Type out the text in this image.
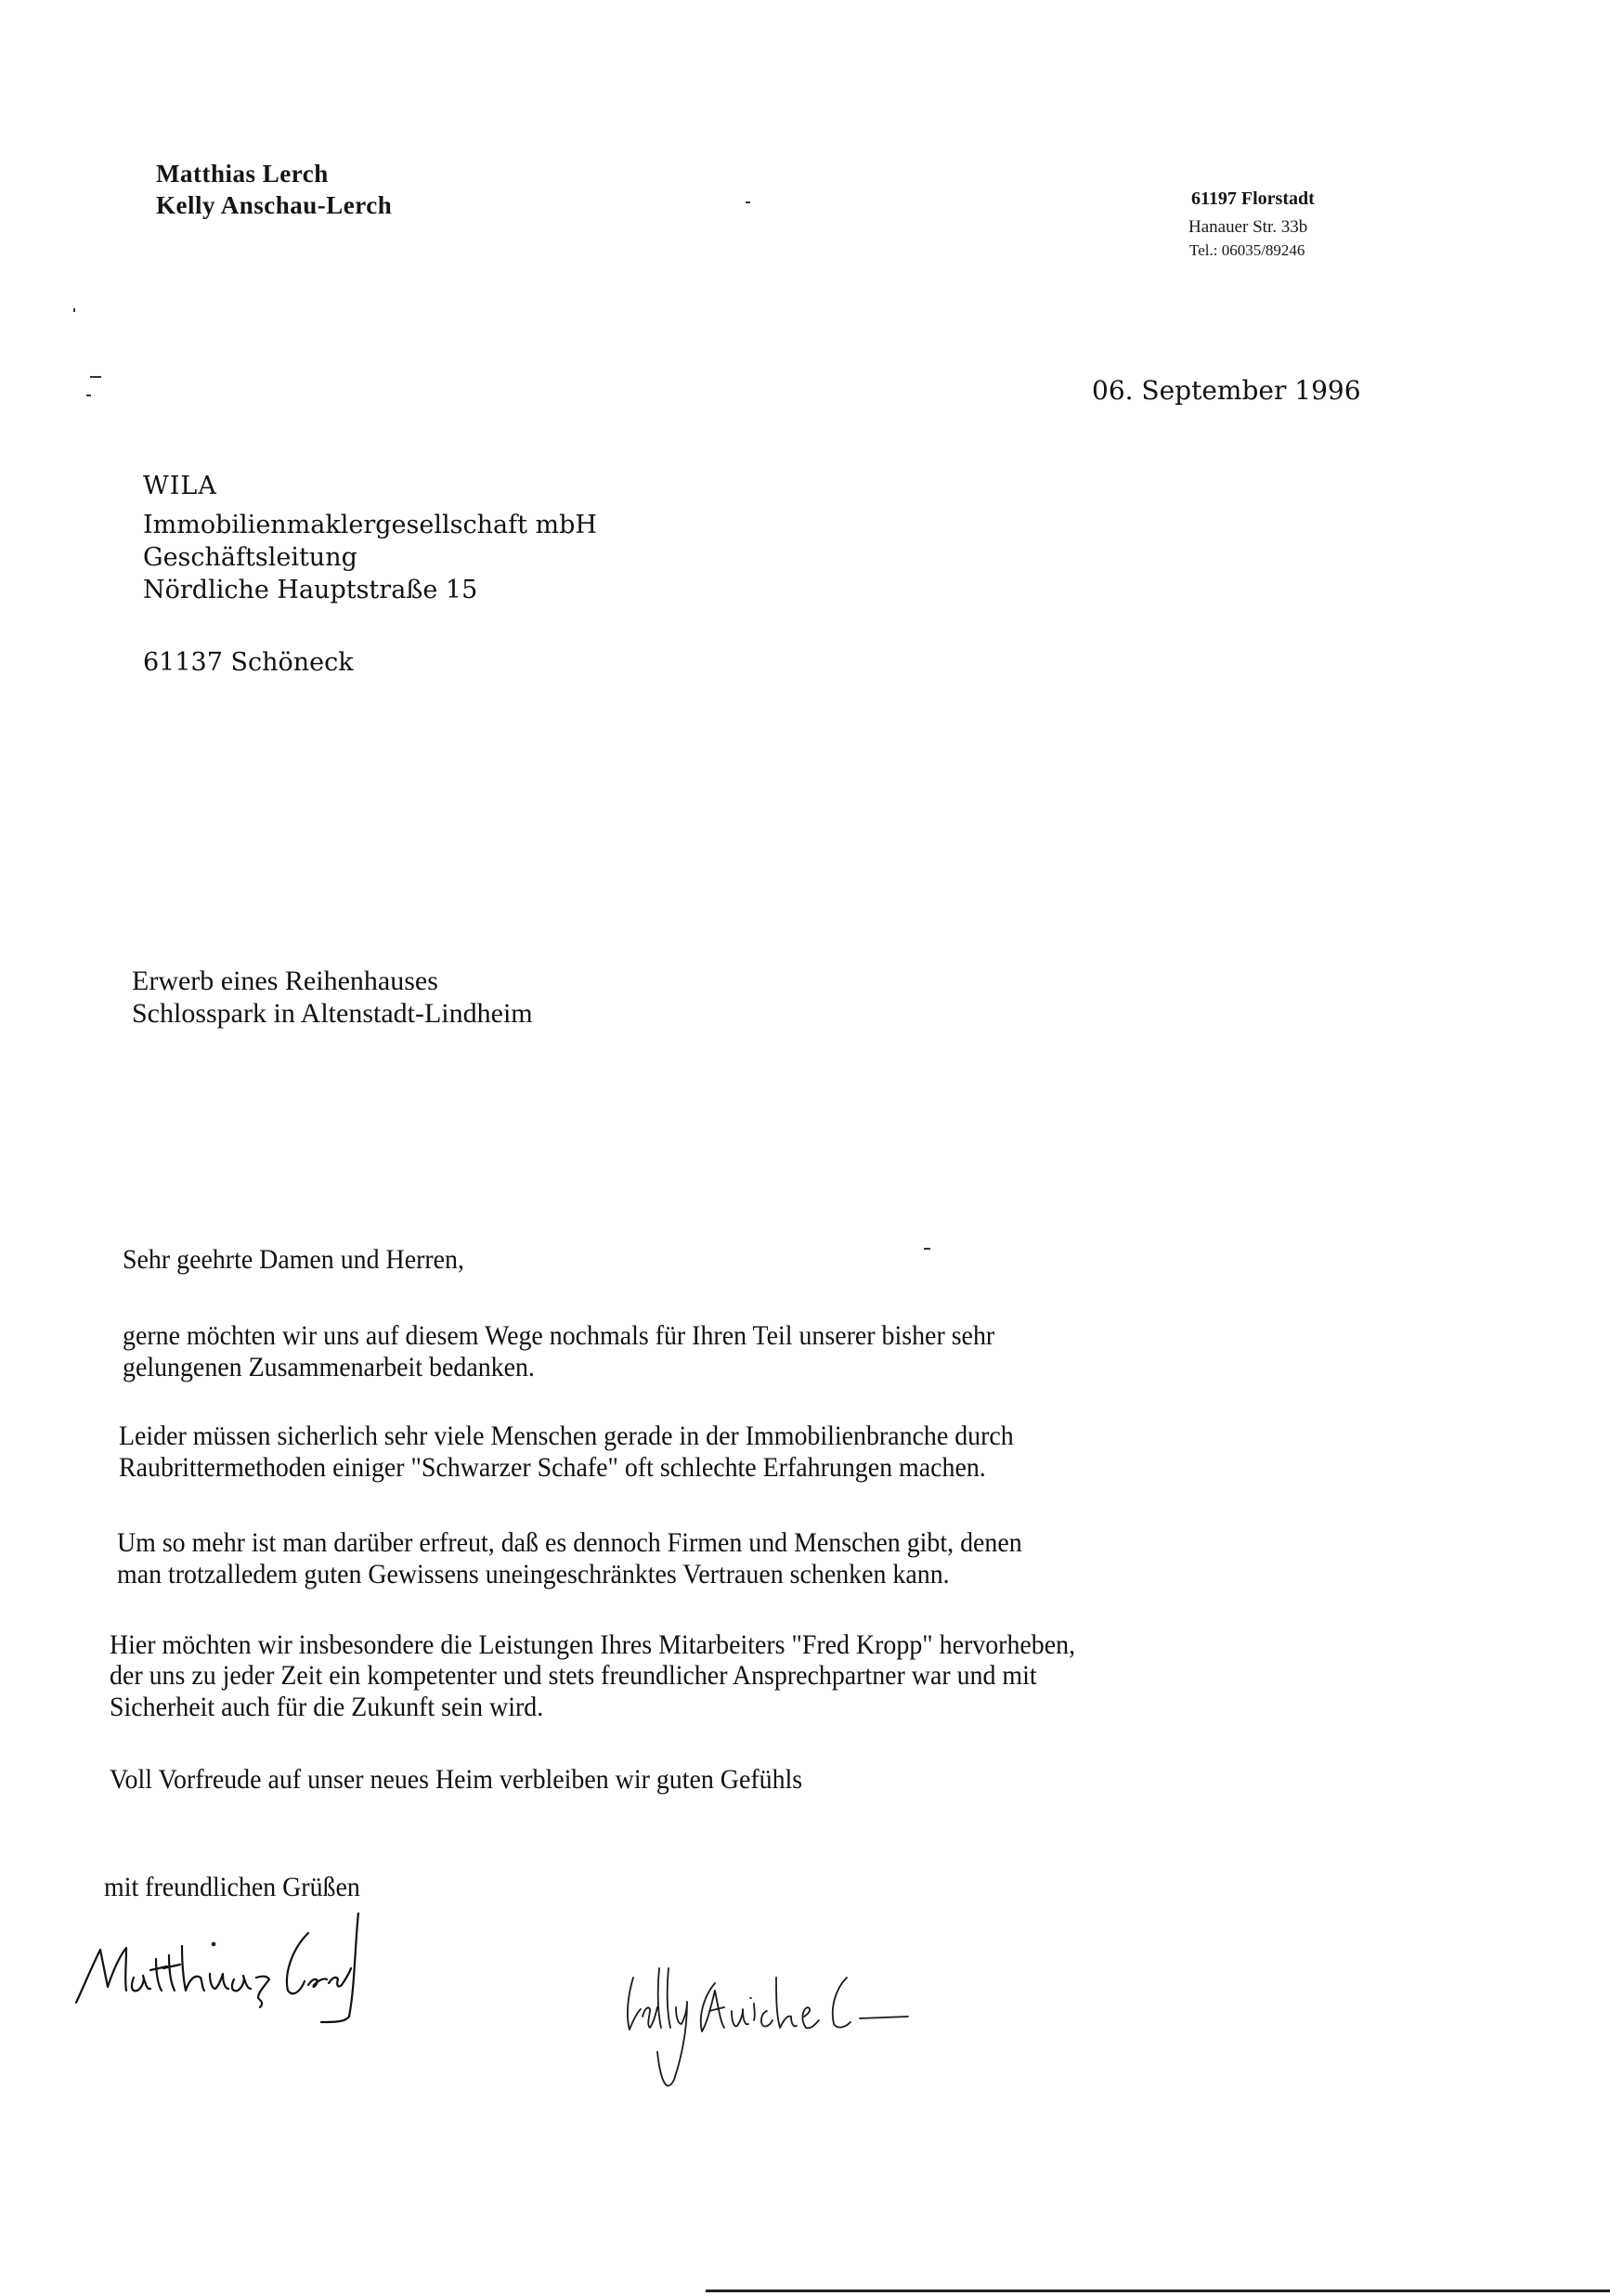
Matthias Lerch
Kelly Anschau-Lerch	61197 Florstadt
Hanauer Str. 33b
Tel.: 06035/89246
06. September 1996
WILA
Immobilienmaklergesellschaft mbH
Geschäftsleitung
Nördliche Hauptstraße 15
61137 Schöneck
Erwerb eines Reihenhauses
Schlosspark in Altenstadt-Lindheim
Sehr geehrte Damen und Herren,
gerne möchten wir uns auf diesem Wege nochmals für Ihren Teil unserer bisher sehr
gelungenen Zusammenarbeit bedanken.
Leider müssen sicherlich sehr viele Menschen gerade in der Immobilienbranche durch
Raubrittermethoden einiger "Schwarzer Schafe" oft schlechte Erfahrungen machen.
Um so mehr ist man darüber erfreut, daß es dennoch Firmen und Menschen gibt, denen
man trotzalledem guten Gewissens uneingeschränktes Vertrauen schenken kann.
Hier möchten wir insbesondere die Leistungen Ihres Mitarbeiters "Fred Kropp" hervorheben,
der uns zu jeder Zeit ein kompetenter und stets freundlicher Ansprechpartner war und mit
Sicherheit auch für die Zukunft sein wird.
Voll Vorfreude auf unser neues Heim verbleiben wir guten Gefühls
mit freundlichen Grüßen
